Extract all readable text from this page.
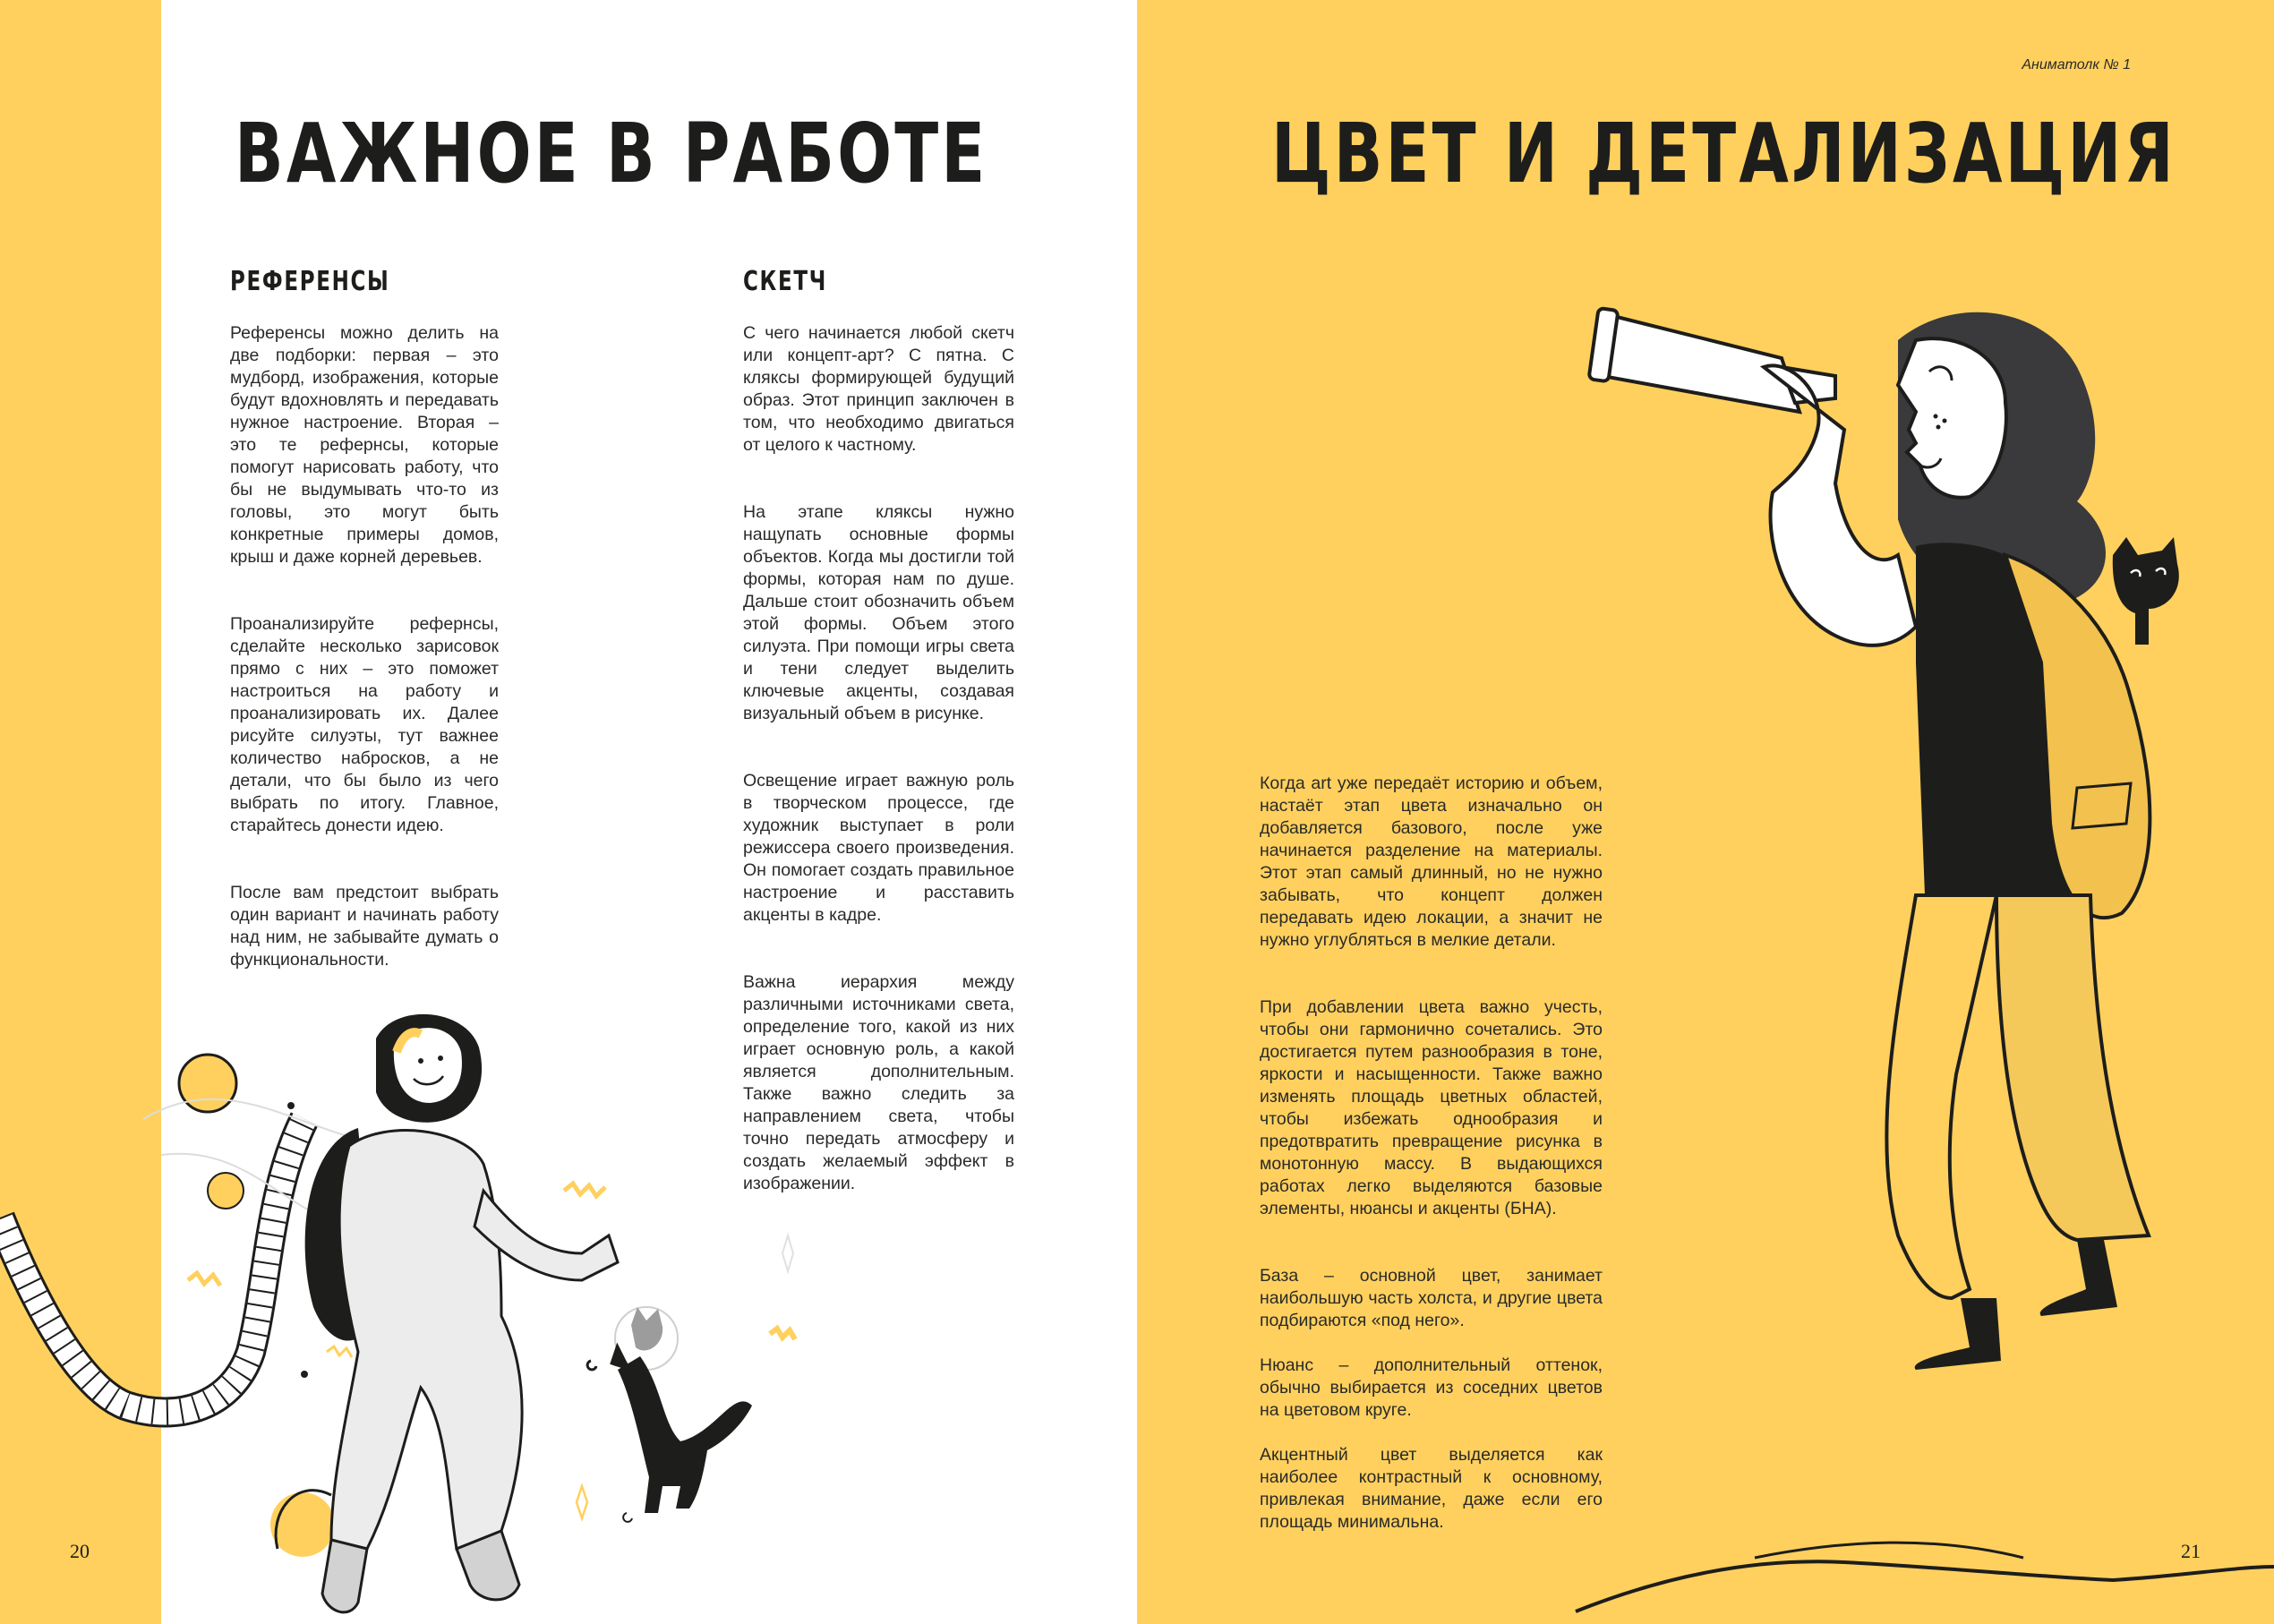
ВАЖНОЕ В РАБОТЕ
РЕФЕРЕНСЫ

Референсы можно делить на две подборки: первая – это мудборд, изображения, которые будут вдохновлять и передавать нужное настроение. Вторая – это те рефернсы, которые помогут нарисовать работу, что бы не выдумывать что-то из головы, это могут быть конкретные примеры домов, крыш и даже корней деревьев.

Проанализируйте рефернсы, сделайте несколько зарисовок прямо с них – это поможет настроиться на работу и проанализировать их. Далее рисуйте силуэты, тут важнее количество набросков, а не детали, что бы было из чего выбрать по итогу. Главное, старайтесь донести идею.

После вам предстоит выбрать один вариант и начинать работу над ним, не забывайте думать о функциональности.

СКЕТЧ

С чего начинается любой скетч или концепт-арт? С пятна. С кляксы формирующей будущий образ. Этот принцип заключен в том, что необходимо двигаться от целого к частному.

На этапе кляксы нужно нащупать основные формы объектов. Когда мы достигли той формы, которая нам по душе. Дальше стоит обозначить объем этой формы. Объем этого силуэта. При помощи игры света и тени следует выделить ключевые акценты, создавая визуальный объем в рисунке.

Освещение играет важную роль в творческом процессе, где художник выступает в роли режиссера своего произведения. Он помогает создать правильное настроение и расставить акценты в кадре.

Важна иерархия между различными источниками света, определение того, какой из них играет основную роль, а какой является дополнительным. Также важно следить за направлением света, чтобы точно передать атмосферу и создать желаемый эффект в изображении.

20
Аниматолк № 1
ЦВЕТ И ДЕТАЛИЗАЦИЯ

Когда art уже передаёт историю и объем, настаёт этап цвета изначально он добавляется базового, после уже начинается разделение на материалы. Этот этап самый длинный, но не нужно забывать, что концепт должен передавать идею локации, а значит не нужно углубляться в мелкие детали.

При добавлении цвета важно учесть, чтобы они гармонично сочетались. Это достигается путем разнообразия в тоне, яркости и насыщенности. Также важно изменять площадь цветных областей, чтобы избежать однообразия и предотвратить превращение рисунка в монотонную массу. В выдающихся работах легко выделяются базовые элементы, нюансы и акценты (БНА).

База – основной цвет, занимает наибольшую часть холста, и другие цвета подбираются «под него».

Нюанс – дополнительный оттенок, обычно выбирается из соседних цветов на цветовом круге.

Акцентный цвет выделяется как наиболее контрастный к основному, привлекая внимание, даже если его площадь минимальна.

21
